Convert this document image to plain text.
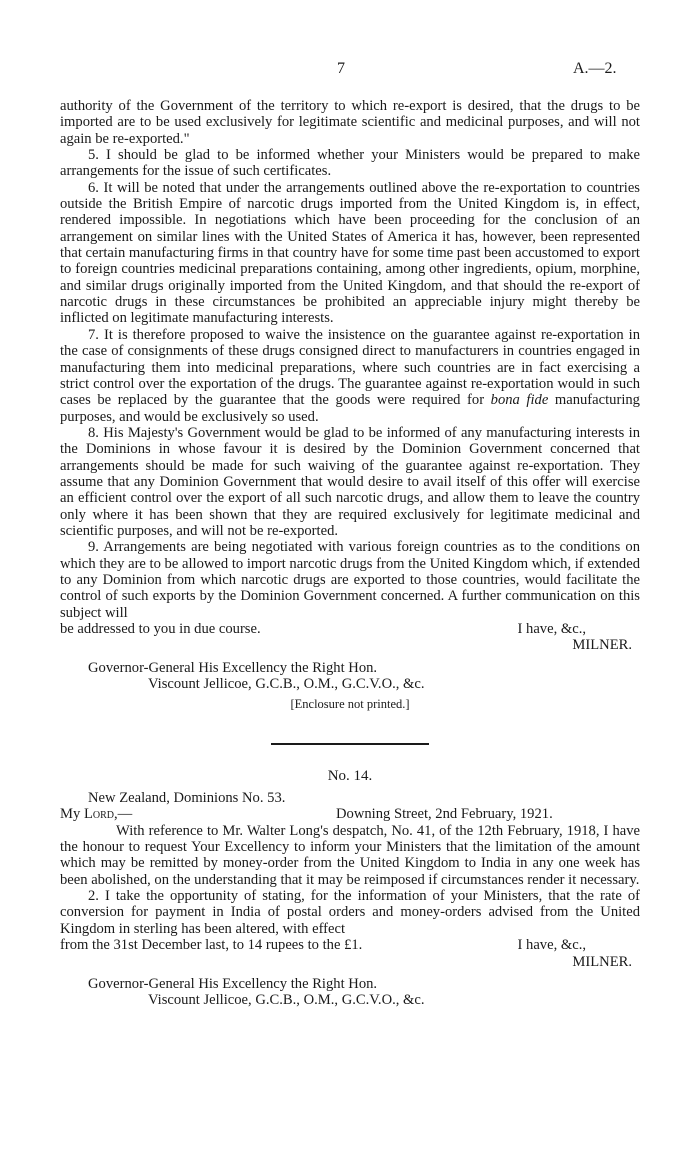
7	A.—2.

authority of the Government of the territory to which re-export is desired, that the drugs to be imported are to be used exclusively for legitimate scientific and medicinal purposes, and will not again be re-exported."

5. I should be glad to be informed whether your Ministers would be prepared to make arrangements for the issue of such certificates.

6. It will be noted that under the arrangements outlined above the re-exportation to countries outside the British Empire of narcotic drugs imported from the United Kingdom is, in effect, rendered impossible. In negotiations which have been proceeding for the conclusion of an arrangement on similar lines with the United States of America it has, however, been represented that certain manufacturing firms in that country have for some time past been accustomed to export to foreign countries medicinal preparations containing, among other ingredients, opium, morphine, and similar drugs originally imported from the United Kingdom, and that should the re-export of narcotic drugs in these circumstances be prohibited an appreciable injury might thereby be inflicted on legitimate manufacturing interests.

7. It is therefore proposed to waive the insistence on the guarantee against re-exportation in the case of consignments of these drugs consigned direct to manufacturers in countries engaged in manufacturing them into medicinal preparations, where such countries are in fact exercising a strict control over the exportation of the drugs. The guarantee against re-exportation would in such cases be replaced by the guarantee that the goods were required for bona fide manufacturing purposes, and would be exclusively so used.

8. His Majesty's Government would be glad to be informed of any manufacturing interests in the Dominions in whose favour it is desired by the Dominion Government concerned that arrangements should be made for such waiving of the guarantee against re-exportation. They assume that any Dominion Government that would desire to avail itself of this offer will exercise an efficient control over the export of all such narcotic drugs, and allow them to leave the country only where it has been shown that they are required exclusively for legitimate medicinal and scientific purposes, and will not be re-exported.

9. Arrangements are being negotiated with various foreign countries as to the conditions on which they are to be allowed to import narcotic drugs from the United Kingdom which, if extended to any Dominion from which narcotic drugs are exported to those countries, would facilitate the control of such exports by the Dominion Government concerned. A further communication on this subject will

be addressed to you in due course.	I have, &c.,
MILNER.
Governor-General His Excellency the Right Hon.
Viscount Jellicoe, G.C.B., O.M., G.C.V.O., &c.
[Enclosure not printed.]
No. 14.
New Zealand, Dominions No. 53.
My Lord,—	Downing Street, 2nd February, 1921.

With reference to Mr. Walter Long's despatch, No. 41, of the 12th February, 1918, I have the honour to request Your Excellency to inform your Ministers that the limitation of the amount which may be remitted by money-order from the United Kingdom to India in any one week has been abolished, on the understanding that it may be reimposed if circumstances render it necessary.

2. I take the opportunity of stating, for the information of your Ministers, that the rate of conversion for payment in India of postal orders and money-orders advised from the United Kingdom in sterling has been altered, with effect

from the 31st December last, to 14 rupees to the £1.	I have, &c.,
MILNER.
Governor-General His Excellency the Right Hon.
Viscount Jellicoe, G.C.B., O.M., G.C.V.O., &c.
